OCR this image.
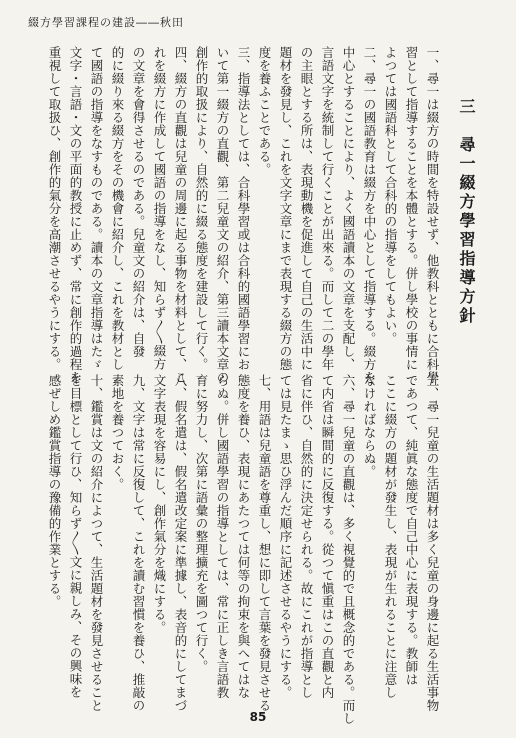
綴方學習課程の建設――秋田
三　尋一綴方學習指導方針
一、尋一は綴方の時間を特設せず、他教科とともに合科學
習として指導することを本體とする。併し學校の事情に
よつては國語科として合科的の指導をしてもよい。
二、尋一の國語教育は綴方を中心として指導する。綴方を
中心とすることにより、よく國語讀本の文章を支配し、
言語文字を統制して行くことが出來る。而して二の學年
の主眼とする所は、表現動機を促進して自己の生活中に
題材を發見し、これを文字文章にまで表現する綴方の態
度を養ふことである。
三、指導法としては、合科學習或は合科的國語學習にお
いて第一綴方の直觀、第二兒童文の紹介、第三讀本文章の
創作的取扱により、自然的に綴る態度を建設して行く。
四、綴方の直觀は兒童の周邊に起る事物を材料として、こ
れを綴方に作成して國語の指導をなし、知らず〱綴方
の文章を會得させるのである。兒童文の紹介は、自發
的に綴り來る綴方をその機會に紹介し、これを教材とし
て國語の指導をなすものである。讀本の文章指導はたゞ
文字・言語・文の平面的教授に止めず、常に創作的過程を
重視して取扱ひ、創作的氣分を高潮させるやうにする。
五、尋一兒童の生活題材は多く兒童の身邊に起る生活事物
であつて、純眞な態度で自己中心に表現する。教師は
ここに綴方の題材が發生し、表現が生れることに注意し
なければならぬ。
六、尋一兒童の直觀は、多く視覺的で且概念的である。而し
て内省は瞬間的に反復する。從つて愼重はこの直觀と内
省に伴ひ、自然的に決定せられる。故にこれが指導とし
ては見たまゝ思ひ浮んだ順序に記述させるやうにする。
七、用語は兒童語を尊重し、想に即して言葉を發見させる
態度を養ひ、表現にあたつては何等の拘束を與へてはな
らぬ。併し國語學習の指導としては、常に正しき言語教
育に努力し、次第に語彙の整理擴充を圖つて行く。
八、假名遣は、假名遣改定案に準據し、表音的にしてまづ
文字表現を容易にし、創作氣分を熾にする。
九、文字は常に反復して、これを讀む習慣を養ひ、推敲の
素地を養つておく。
十、鑑賞は文の紹介によつて、生活題材を發見させること
を目標として行ひ、知らず〱文に親しみ、その興味を
感ぜしめ鑑賞指導の豫備的作業とする。
85
